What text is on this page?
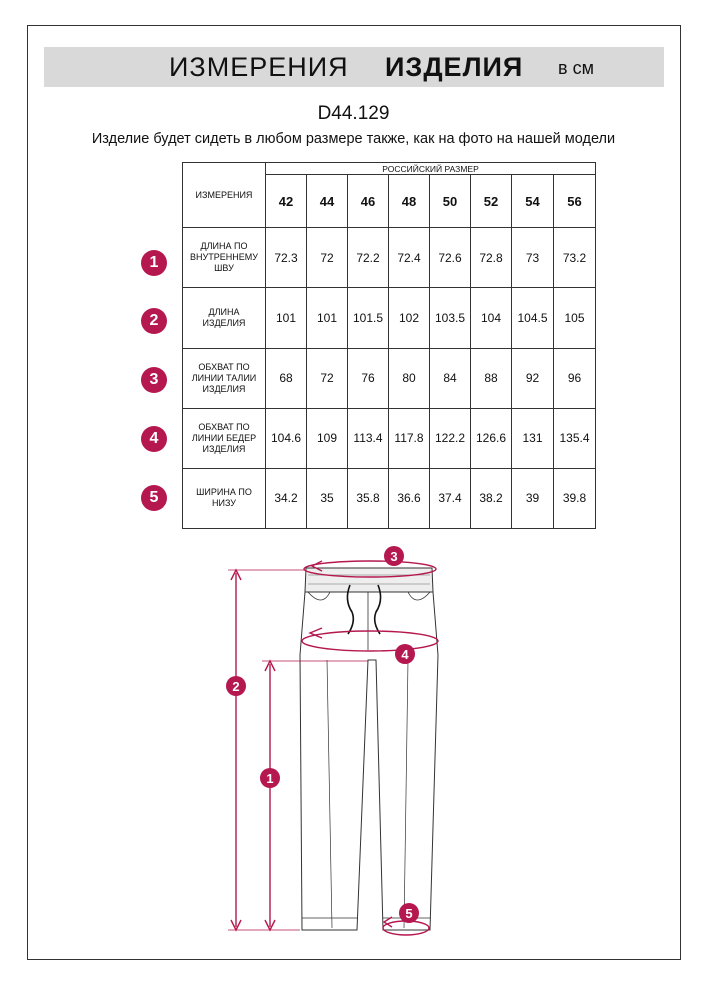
ИЗМЕРЕНИЯ ИЗДЕЛИЯ в см
D44.129
Изделие будет сидеть в любом размере также, как на фото на нашей модели
ИЗМЕРЕНИЯ	РОССИЙСКИЙ РАЗМЕР							
	42	44	46	48	50	52	54	56

ДЛИНА ПО
ВНУТРЕННЕМУ
ШВУ	72.3	72	72.2	72.4	72.6	72.8	73	73.2

ДЛИНА
ИЗДЕЛИЯ	101	101	101.5	102	103.5	104	104.5	105

ОБХВАТ ПО
ЛИНИИ ТАЛИИ
ИЗДЕЛИЯ	68	72	76	80	84	88	92	96

ОБХВАТ ПО
ЛИНИИ БЕДЕР
ИЗДЕЛИЯ	104.6	109	113.4	117.8	122.2	126.6	131	135.4

ШИРИНА ПО
НИЗУ	34.2	35	35.8	36.6	37.4	38.2	39	39.8
1
2
3
4
5
2
1
3
4
5
